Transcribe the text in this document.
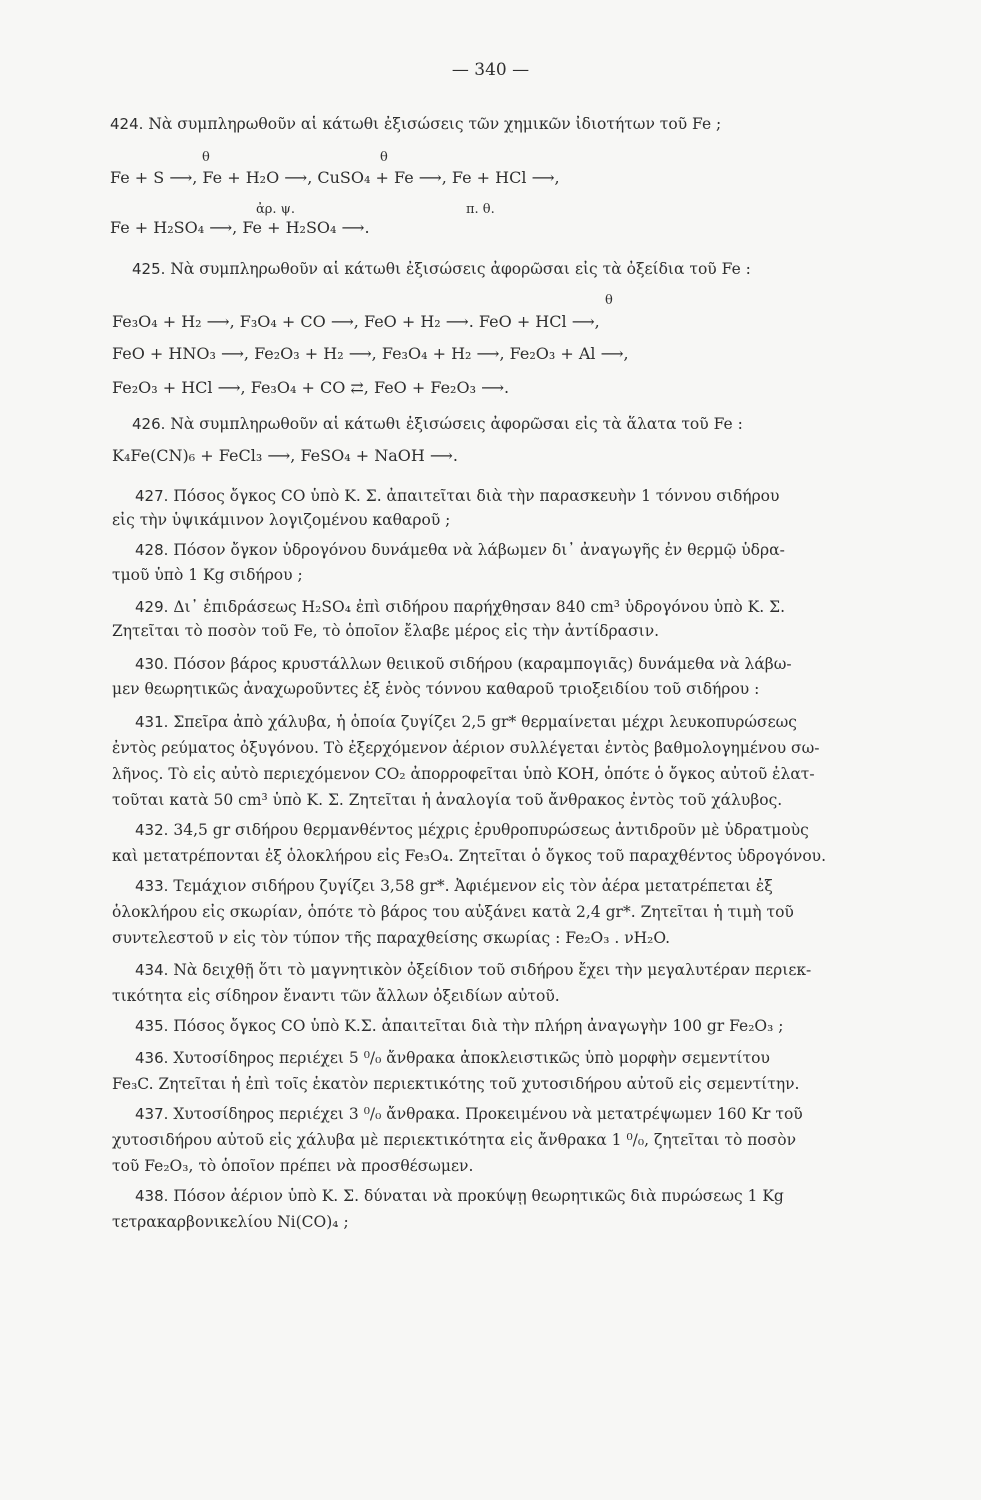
— 340 —
424. Νὰ συμπληρωθοῦν αἱ κάτωθι ἐξισώσεις τῶν χημικῶν ἰδιοτήτων τοῦ Fe ;
θ	θ
Fe + S ⟶, Fe + H₂O ⟶, CuSO₄ + Fe ⟶, Fe + HCl ⟶,
ἀρ. ψ.	π. θ.
Fe + H₂SO₄ ⟶, Fe + H₂SO₄ ⟶.
425. Νὰ συμπληρωθοῦν αἱ κάτωθι ἐξισώσεις ἀφορῶσαι εἰς τὰ ὀξείδια τοῦ Fe :
θ
Fe₃O₄ + H₂ ⟶, F₃O₄ + CO ⟶, FeO + H₂ ⟶. FeO + HCl ⟶,
FeO + HNO₃ ⟶, Fe₂O₃ + H₂ ⟶, Fe₃O₄ + H₂ ⟶, Fe₂O₃ + Al ⟶,
Fe₂O₃ + HCl ⟶, Fe₃O₄ + CO ⇄, FeO + Fe₂O₃ ⟶.
426. Νὰ συμπληρωθοῦν αἱ κάτωθι ἐξισώσεις ἀφορῶσαι εἰς τὰ ἅλατα τοῦ Fe :
K₄Fe(CN)₆ + FeCl₃ ⟶, FeSO₄ + NaOH ⟶.
427. Πόσος ὄγκος CO ὑπὸ Κ. Σ. ἀπαιτεῖται διὰ τὴν παρασκευὴν 1 τόννου σιδήρου
εἰς τὴν ὑψικάμινον λογιζομένου καθαροῦ ;
428. Πόσον ὄγκον ὑδρογόνου δυνάμεθα νὰ λάβωμεν δι᾽ ἀναγωγῆς ἐν θερμῷ ὑδρα-
τμοῦ ὑπὸ 1 Kg σιδήρου ;
429. Δι᾽ ἐπιδράσεως H₂SO₄ ἐπὶ σιδήρου παρήχθησαν 840 cm³ ὑδρογόνου ὑπὸ Κ. Σ.
Ζητεῖται τὸ ποσὸν τοῦ Fe, τὸ ὁποῖον ἔλαβε μέρος εἰς τὴν ἀντίδρασιν.
430. Πόσον βάρος κρυστάλλων θειικοῦ σιδήρου (καραμπογιᾶς) δυνάμεθα νὰ λάβω-
μεν θεωρητικῶς ἀναχωροῦντες ἐξ ἑνὸς τόννου καθαροῦ τριοξειδίου τοῦ σιδήρου :
431. Σπεῖρα ἀπὸ χάλυβα, ἡ ὁποία ζυγίζει 2,5 gr* θερμαίνεται μέχρι λευκοπυρώσεως
ἐντὸς ρεύματος ὀξυγόνου. Τὸ ἐξερχόμενον ἀέριον συλλέγεται ἐντὸς βαθμολογημένου σω-
λῆνος. Τὸ εἰς αὐτὸ περιεχόμενον CO₂ ἀπορροφεῖται ὑπὸ KOH, ὁπότε ὁ ὄγκος αὐτοῦ ἐλατ-
τοῦται κατὰ 50 cm³ ὑπὸ Κ. Σ. Ζητεῖται ἡ ἀναλογία τοῦ ἄνθρακος ἐντὸς τοῦ χάλυβος.
432. 34,5 gr σιδήρου θερμανθέντος μέχρις ἐρυθροπυρώσεως ἀντιδροῦν μὲ ὑδρατμοὺς
καὶ μετατρέπονται ἐξ ὁλοκλήρου εἰς Fe₃O₄. Ζητεῖται ὁ ὄγκος τοῦ παραχθέντος ὑδρογόνου.
433. Τεμάχιον σιδήρου ζυγίζει 3,58 gr*. Ἀφιέμενον εἰς τὸν ἀέρα μετατρέπεται ἐξ
ὁλοκλήρου εἰς σκωρίαν, ὁπότε τὸ βάρος του αὐξάνει κατὰ 2,4 gr*. Ζητεῖται ἡ τιμὴ τοῦ
συντελεστοῦ ν εἰς τὸν τύπον τῆς παραχθείσης σκωρίας : Fe₂O₃ . νH₂O.
434. Νὰ δειχθῇ ὅτι τὸ μαγνητικὸν ὀξείδιον τοῦ σιδήρου ἔχει τὴν μεγαλυτέραν περιεκ-
τικότητα εἰς σίδηρον ἔναντι τῶν ἄλλων ὀξειδίων αὐτοῦ.
435. Πόσος ὄγκος CO ὑπὸ Κ.Σ. ἀπαιτεῖται διὰ τὴν πλήρη ἀναγωγὴν 100 gr Fe₂O₃ ;
436. Χυτοσίδηρος περιέχει 5 ⁰/₀ ἄνθρακα ἀποκλειστικῶς ὑπὸ μορφὴν σεμεντίτου
Fe₃C. Ζητεῖται ἡ ἐπὶ τοῖς ἑκατὸν περιεκτικότης τοῦ χυτοσιδήρου αὐτοῦ εἰς σεμεντίτην.
437. Χυτοσίδηρος περιέχει 3 ⁰/₀ ἄνθρακα. Προκειμένου νὰ μετατρέψωμεν 160 Kr τοῦ
χυτοσιδήρου αὐτοῦ εἰς χάλυβα μὲ περιεκτικότητα εἰς ἄνθρακα 1 ⁰/₀, ζητεῖται τὸ ποσὸν
τοῦ Fe₂O₃, τὸ ὁποῖον πρέπει νὰ προσθέσωμεν.
438. Πόσον ἀέριον ὑπὸ Κ. Σ. δύναται νὰ προκύψῃ θεωρητικῶς διὰ πυρώσεως 1 Kg
τετρακαρβονικελίου Ni(CO)₄ ;
